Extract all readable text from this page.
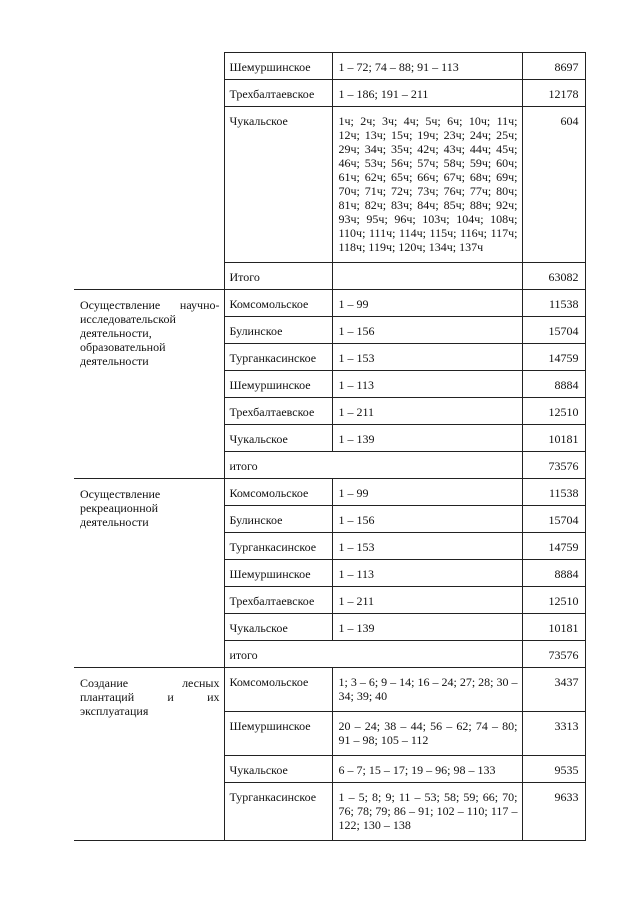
	Шемуршинское	1 – 72; 74 – 88; 91 – 113	8697
	Трехбалтаевское	1 – 186; 191 – 211	12178
	Чукальское	1ч; 2ч; 3ч; 4ч; 5ч; 6ч; 10ч; 11ч; 12ч; 13ч; 15ч; 19ч; 23ч; 24ч; 25ч; 29ч; 34ч; 35ч; 42ч; 43ч; 44ч; 45ч; 46ч; 53ч; 56ч; 57ч; 58ч; 59ч; 60ч; 61ч; 62ч; 65ч; 66ч; 67ч; 68ч; 69ч; 70ч; 71ч; 72ч; 73ч; 76ч; 77ч; 80ч; 81ч; 82ч; 83ч; 84ч; 85ч; 88ч; 92ч; 93ч; 95ч; 96ч; 103ч; 104ч; 108ч; 110ч; 111ч; 114ч; 115ч; 116ч; 117ч; 118ч; 119ч; 120ч; 134ч; 137ч	604
	Итого		63082
Осуществление научно-исследовательской деятельности, образовательной деятельности	Комсомольское	1 – 99	11538
	Булинское	1 – 156	15704
	Турганкасинское	1 – 153	14759
	Шемуршинское	1 – 113	8884
	Трехбалтаевское	1 – 211	12510
	Чукальское	1 – 139	10181
	итого		73576
Осуществление рекреационной деятельности	Комсомольское	1 – 99	11538
	Булинское	1 – 156	15704
	Турганкасинское	1 – 153	14759
	Шемуршинское	1 – 113	8884
	Трехбалтаевское	1 – 211	12510
	Чукальское	1 – 139	10181
	итого		73576
Создание лесных плантаций и их эксплуатация	Комсомольское	1; 3 – 6; 9 – 14; 16 – 24; 27; 28; 30 – 34; 39; 40	3437
	Шемуршинское	20 – 24; 38 – 44; 56 – 62; 74 – 80; 91 – 98; 105 – 112	3313
	Чукальское	6 – 7; 15 – 17; 19 – 96; 98 – 133	9535
	Турганкасинское	1 – 5; 8; 9; 11 – 53; 58; 59; 66; 70; 76; 78; 79; 86 – 91; 102 – 110; 117 – 122; 130 – 138	9633
